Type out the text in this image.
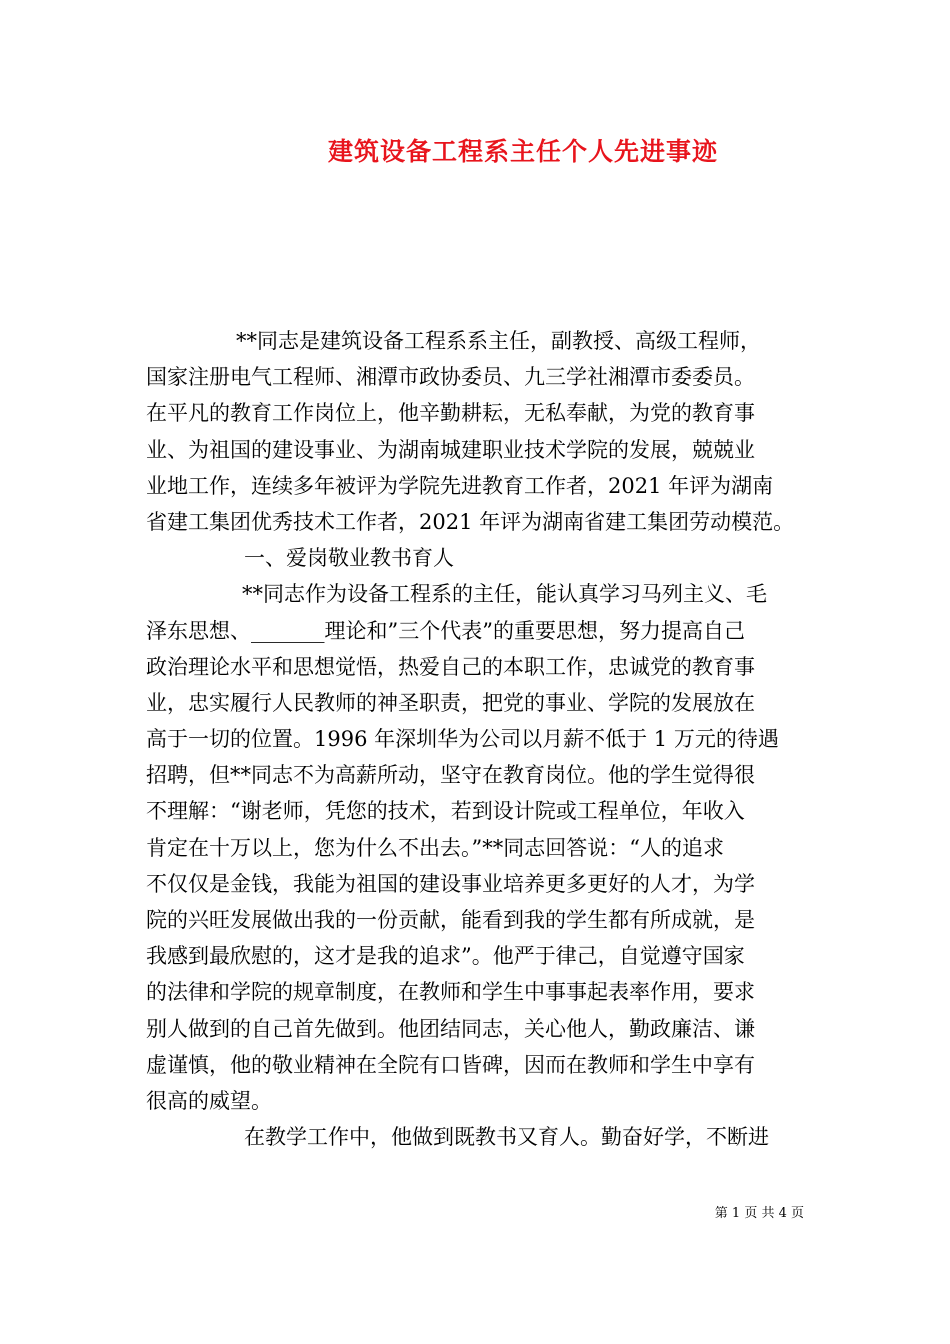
建筑设备工程系主任个人先进事迹
**同志是建筑设备工程系系主任，副教授、高级工程师，
国家注册电气工程师、湘潭市政协委员、九三学社湘潭市委委员。
在平凡的教育工作岗位上，他辛勤耕耘，无私奉献，为党的教育事
业、为祖国的建设事业、为湖南城建职业技术学院的发展，兢兢业
业地工作，连续多年被评为学院先进教育工作者，2021 年评为湖南
省建工集团优秀技术工作者，2021 年评为湖南省建工集团劳动模范。
一、爱岗敬业教书育人
**同志作为设备工程系的主任，能认真学习马列主义、毛
泽东思想、_______理论和”三个代表”的重要思想，努力提高自己
政治理论水平和思想觉悟，热爱自己的本职工作，忠诚党的教育事
业，忠实履行人民教师的神圣职责，把党的事业、学院的发展放在
高于一切的位置。1996 年深圳华为公司以月薪不低于 1 万元的待遇
招聘，但**同志不为高薪所动，坚守在教育岗位。他的学生觉得很
不理解：“谢老师，凭您的技术，若到设计院或工程单位，年收入
肯定在十万以上，您为什么不出去。”**同志回答说：“人的追求
不仅仅是金钱，我能为祖国的建设事业培养更多更好的人才，为学
院的兴旺发展做出我的一份贡献，能看到我的学生都有所成就，是
我感到最欣慰的，这才是我的追求”。他严于律己，自觉遵守国家
的法律和学院的规章制度，在教师和学生中事事起表率作用，要求
别人做到的自己首先做到。他团结同志，关心他人，勤政廉洁、谦
虚谨慎，他的敬业精神在全院有口皆碑，因而在教师和学生中享有
很高的威望。
在教学工作中，他做到既教书又育人。勤奋好学，不断进
第 1 页 共 4 页
